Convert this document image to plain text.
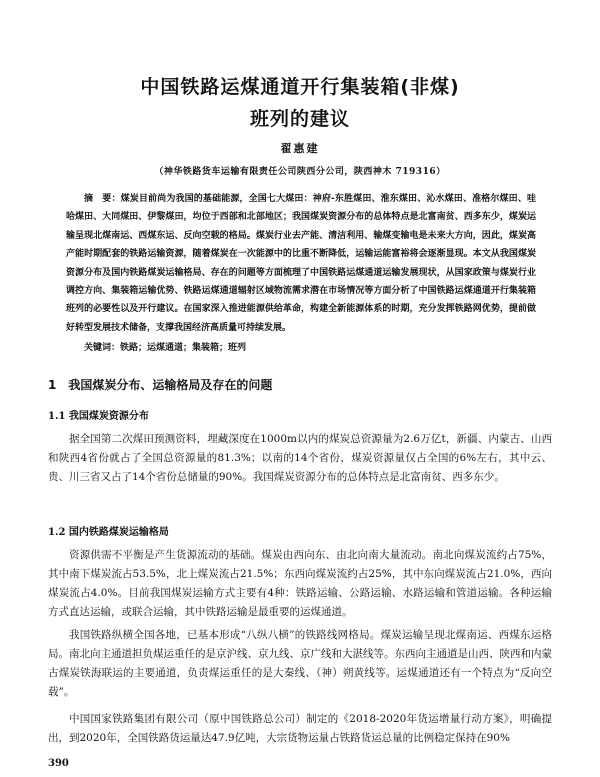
中国铁路运煤通道开行集装箱(非煤)
班列的建议
翟惠建
（神华铁路货车运输有限责任公司陕西分公司，陕西神木 719316）
摘　要：煤炭目前尚为我国的基础能源，全国七大煤田：神府-东胜煤田、淮东煤田、沁水煤田、准格尔煤田、哇哈煤田、大同煤田、伊黎煤田，均位于西部和北部地区；我国煤炭资源分布的总体特点是北富南贫、西多东少，煤炭运输呈现北煤南运、西煤东运、反向空载的格局。煤炭行业去产能、清洁利用、输煤变输电是未来大方向，因此，煤炭高产能时期配套的铁路运输资源，随着煤炭在一次能源中的比重不断降低，运输运能富裕将会逐渐显现。本文从我国煤炭资源分布及国内铁路煤炭运输格局、存在的问题等方面梳理了中国铁路运煤通道运输发展现状，从国家政策与煤炭行业调控方向、集装箱运输优势、铁路运煤通道辐射区域物流需求潜在市场情况等方面分析了中国铁路运煤通道开行集装箱班列的必要性以及开行建议。在国家深入推进能源供给革命，构建全新能源体系的时期，充分发挥铁路网优势，提前做好转型发展技术储备，支撑我国经济高质量可持续发展。
关键词：铁路；运煤通道；集装箱；班列
1　我国煤炭分布、运输格局及存在的问题
1.1 我国煤炭资源分布
据全国第二次煤田预测资料，埋藏深度在1000m以内的煤炭总资源量为2.6万亿t，新疆、内蒙古、山西和陕西4省份就占了全国总资源量的81.3%；以南的14个省份，煤炭资源量仅占全国的6%左右，其中云、贵、川三省又占了14个省份总储量的90%。我国煤炭资源分布的总体特点是北富南贫、西多东少。
1.2 国内铁路煤炭运输格局
资源供需不平衡是产生货源流动的基础。煤炭由西向东、由北向南大量流动。南北向煤炭流约占75%，其中南下煤炭流占53.5%，北上煤炭流占21.5%；东西向煤炭流约占25%，其中东向煤炭流占21.0%，西向煤炭流占4.0%。目前我国煤炭运输方式主要有4种：铁路运输、公路运输、水路运输和管道运输。各种运输方式直达运输，或联合运输，其中铁路运输是最重要的运煤通道。
我国铁路纵横全国各地，已基本形成“八纵八横”的铁路线网格局。煤炭运输呈现北煤南运、西煤东运格局。南北向主通道担负煤运重任的是京沪线、京九线、京广线和大湛线等。东西向主通道是山西、陕西和内蒙古煤炭铁海联运的主要通道，负责煤运重任的是大秦线、（神）朔黄线等。运煤通道还有一个特点为“反向空载”。
中国国家铁路集团有限公司（原中国铁路总公司）制定的《2018-2020年货运增量行动方案》，明确提出，到2020年，全国铁路货运量达47.9亿吨，大宗货物运量占铁路货运总量的比例稳定保持在90%
390
